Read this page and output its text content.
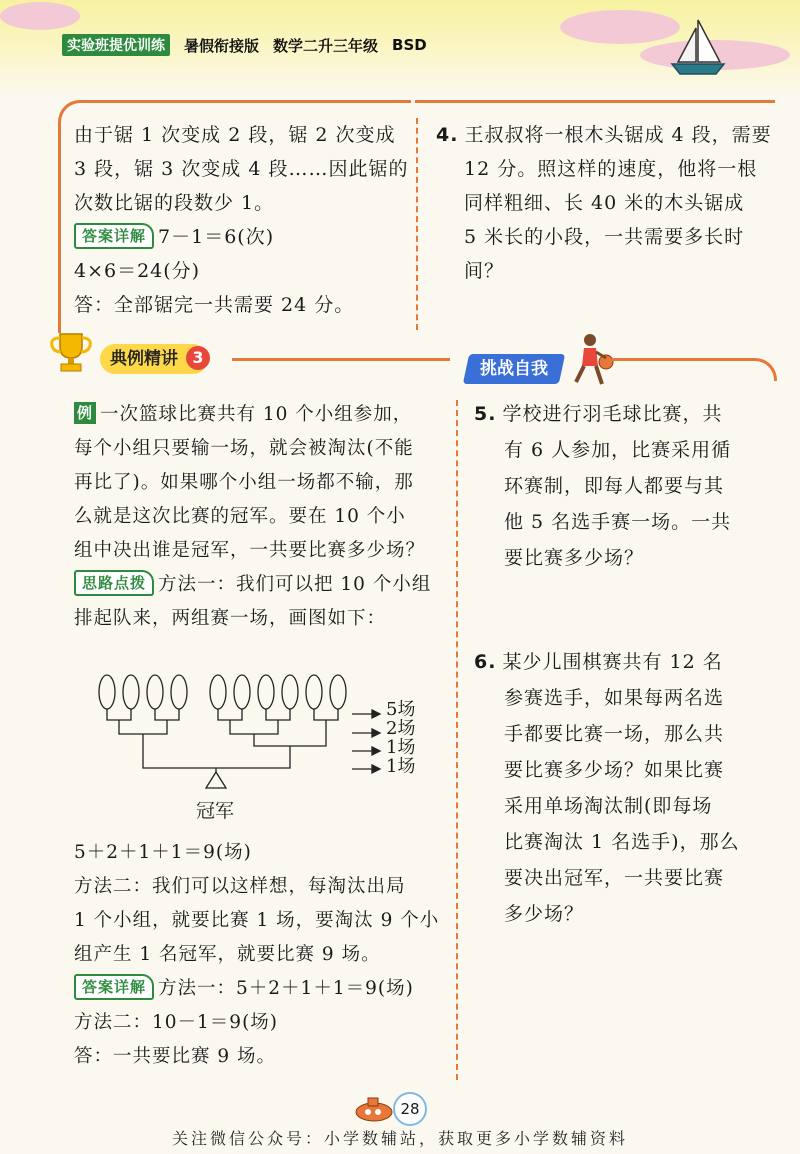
实验班提优训练	暑假衔接版 数学二升三年级 BSD

由于锯 1 次变成 2 段，锯 2 次变成

3 段，锯 3 次变成 4 段……因此锯的

次数比锯的段数少 1。

答案详解 7－1＝6(次)

4×6＝24(分)

答：全部锯完一共需要 24 分。

4. 王叔叔将一根木头锯成 4 段，需要

12 分。照这样的速度，他将一根

同样粗细、长 40 米的木头锯成

5 米长的小段，一共需要多长时间？

典例精讲 3
挑战自我

例 一次篮球比赛共有 10 个小组参加，

每个小组只要输一场，就会被淘汰(不能

再比了)。如果哪个小组一场都不输，那

么就是这次比赛的冠军。要在 10 个小

组中决出谁是冠军，一共要比赛多少场？

思路点拨 方法一：我们可以把 10 个小组

排起队来，两组赛一场，画图如下：

5场
2场
1场
1场
冠军

5＋2＋1＋1＝9(场)

方法二：我们可以这样想，每淘汰出局

1 个小组，就要比赛 1 场，要淘汰 9 个小

组产生 1 名冠军，就要比赛 9 场。

答案详解 方法一：5＋2＋1＋1＝9(场)

方法二：10－1＝9(场)

答：一共要比赛 9 场。

5. 学校进行羽毛球比赛，共

有 6 人参加，比赛采用循

环赛制，即每人都要与其

他 5 名选手赛一场。一共

要比赛多少场？

6. 某少儿围棋赛共有 12 名

参赛选手，如果每两名选

手都要比赛一场，那么共

要比赛多少场？如果比赛

采用单场淘汰制(即每场

比赛淘汰 1 名选手)，那么

要决出冠军，一共要比赛

多少场？

28
关注微信公众号：小学数辅站，获取更多小学数辅资料
